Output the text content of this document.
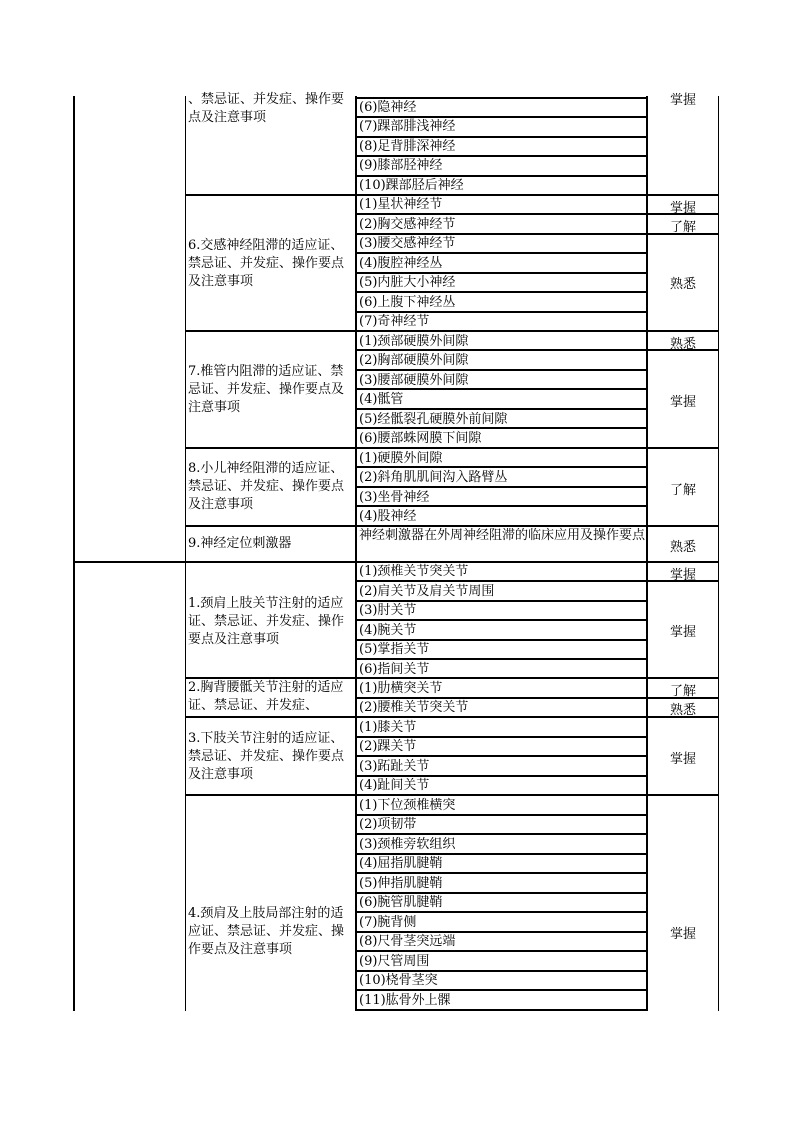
、禁忌证、并发症、操作要点及注意事项
(6)隐神经
(7)踝部腓浅神经
(8)足背腓深神经
(9)膝部胫神经
(10)踝部胫后神经
掌握
6.交感神经阻滞的适应证、禁忌证、并发症、操作要点及注意事项
(1)星状神经节
(2)胸交感神经节
(3)腰交感神经节
(4)腹腔神经丛
(5)内脏大小神经
(6)上腹下神经丛
(7)奇神经节
掌握
了解
熟悉
7.椎管内阻滞的适应证、禁忌证、并发症、操作要点及注意事项
(1)颈部硬膜外间隙
(2)胸部硬膜外间隙
(3)腰部硬膜外间隙
(4)骶管
(5)经骶裂孔硬膜外前间隙
(6)腰部蛛网膜下间隙
熟悉
掌握
8.小儿神经阻滞的适应证、禁忌证、并发症、操作要点及注意事项
(1)硬膜外间隙
(2)斜角肌肌间沟入路臂丛
(3)坐骨神经
(4)股神经
了解
9.神经定位刺激器
神经刺激器在外周神经阻滞的临床应用及操作要点
熟悉
1.颈肩上肢关节注射的适应证、禁忌证、并发症、操作要点及注意事项
(1)颈椎关节突关节
(2)肩关节及肩关节周围
(3)肘关节
(4)腕关节
(5)掌指关节
(6)指间关节
掌握
掌握
2.胸背腰骶关节注射的适应证、禁忌证、并发症、
(1)肋横突关节
(2)腰椎关节突关节
了解
熟悉
3.下肢关节注射的适应证、禁忌证、并发症、操作要点及注意事项
(1)膝关节
(2)踝关节
(3)跖趾关节
(4)趾间关节
掌握
4.颈肩及上肢局部注射的适应证、禁忌证、并发症、操作要点及注意事项
(1)下位颈椎横突
(2)项韧带
(3)颈椎旁软组织
(4)屈指肌腱鞘
(5)伸指肌腱鞘
(6)腕管肌腱鞘
(7)腕背侧
(8)尺骨茎突远端
(9)尺管周围
(10)桡骨茎突
(11)肱骨外上髁
掌握
